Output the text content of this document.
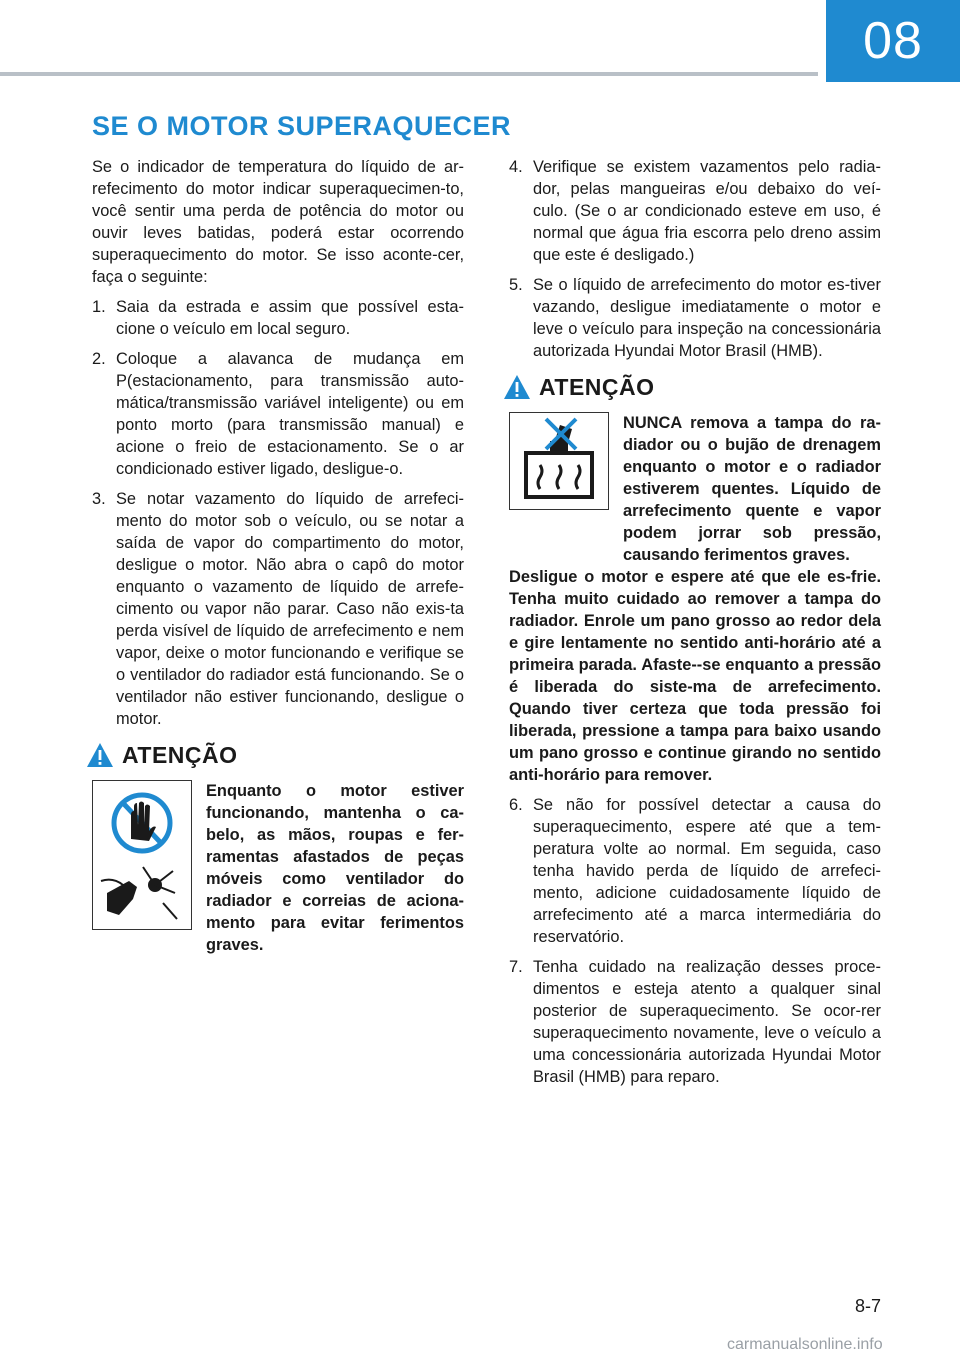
08
SE O MOTOR SUPERAQUECER

Se o indicador de temperatura do líquido de ar-refecimento do motor indicar superaquecimen-to, você sentir uma perda de potência do motor ou ouvir leves batidas, poderá estar ocorrendo superaquecimento do motor. Se isso aconte-cer, faça o seguinte:

1. Saia da estrada e assim que possível esta-cione o veículo em local seguro.
2. Coloque a alavanca de mudança em P(estacionamento, para transmissão auto-mática/transmissão variável inteligente) ou em ponto morto (para transmissão manual) e acione o freio de estacionamento. Se o ar condicionado estiver ligado, desligue-o.
3. Se notar vazamento do líquido de arrefeci-mento do motor sob o veículo, ou se notar a saída de vapor do compartimento do motor, desligue o motor. Não abra o capô do motor enquanto o vazamento de líquido de arrefe-cimento ou vapor não parar. Caso não exis-ta perda visível de líquido de arrefecimento e nem vapor, deixe o motor funcionando e verifique se o ventilador do radiador está funcionando. Se o ventilador não estiver funcionando, desligue o motor.
ATENÇÃO
Enquanto o motor estiver funcionando, mantenha o ca-belo, as mãos, roupas e fer-ramentas afastados de peças móveis como ventilador do radiador e correias de aciona-mento para evitar ferimentos graves.
4. Verifique se existem vazamentos pelo radia-dor, pelas mangueiras e/ou debaixo do veí-culo. (Se o ar condicionado esteve em uso, é normal que água fria escorra pelo dreno assim que este é desligado.)
5. Se o líquido de arrefecimento do motor es-tiver vazando, desligue imediatamente o motor e leve o veículo para inspeção na concessionária autorizada Hyundai Motor Brasil (HMB).
ATENÇÃO
NUNCA remova a tampa do ra-diador ou o bujão de drenagem enquanto o motor e o radiador estiverem quentes. Líquido de arrefecimento quente e vapor podem jorrar sob pressão, causando ferimentos graves.

Desligue o motor e espere até que ele es-frie. Tenha muito cuidado ao remover a tampa do radiador. Enrole um pano grosso ao redor dela e gire lentamente no sentido anti-horário até a primeira parada. Afaste--se enquanto a pressão é liberada do siste-ma de arrefecimento. Quando tiver certeza que toda pressão foi liberada, pressione a tampa para baixo usando um pano grosso e continue girando no sentido anti-horário para remover.

6. Se não for possível detectar a causa do superaquecimento, espere até que a tem-peratura volte ao normal. Em seguida, caso tenha havido perda de líquido de arrefeci-mento, adicione cuidadosamente líquido de arrefecimento até a marca intermediária do reservatório.
7. Tenha cuidado na realização desses proce-dimentos e esteja atento a qualquer sinal posterior de superaquecimento. Se ocor-rer superaquecimento novamente, leve o veículo a uma concessionária autorizada Hyundai Motor Brasil (HMB) para reparo.
8-7
carmanualsonline.info
